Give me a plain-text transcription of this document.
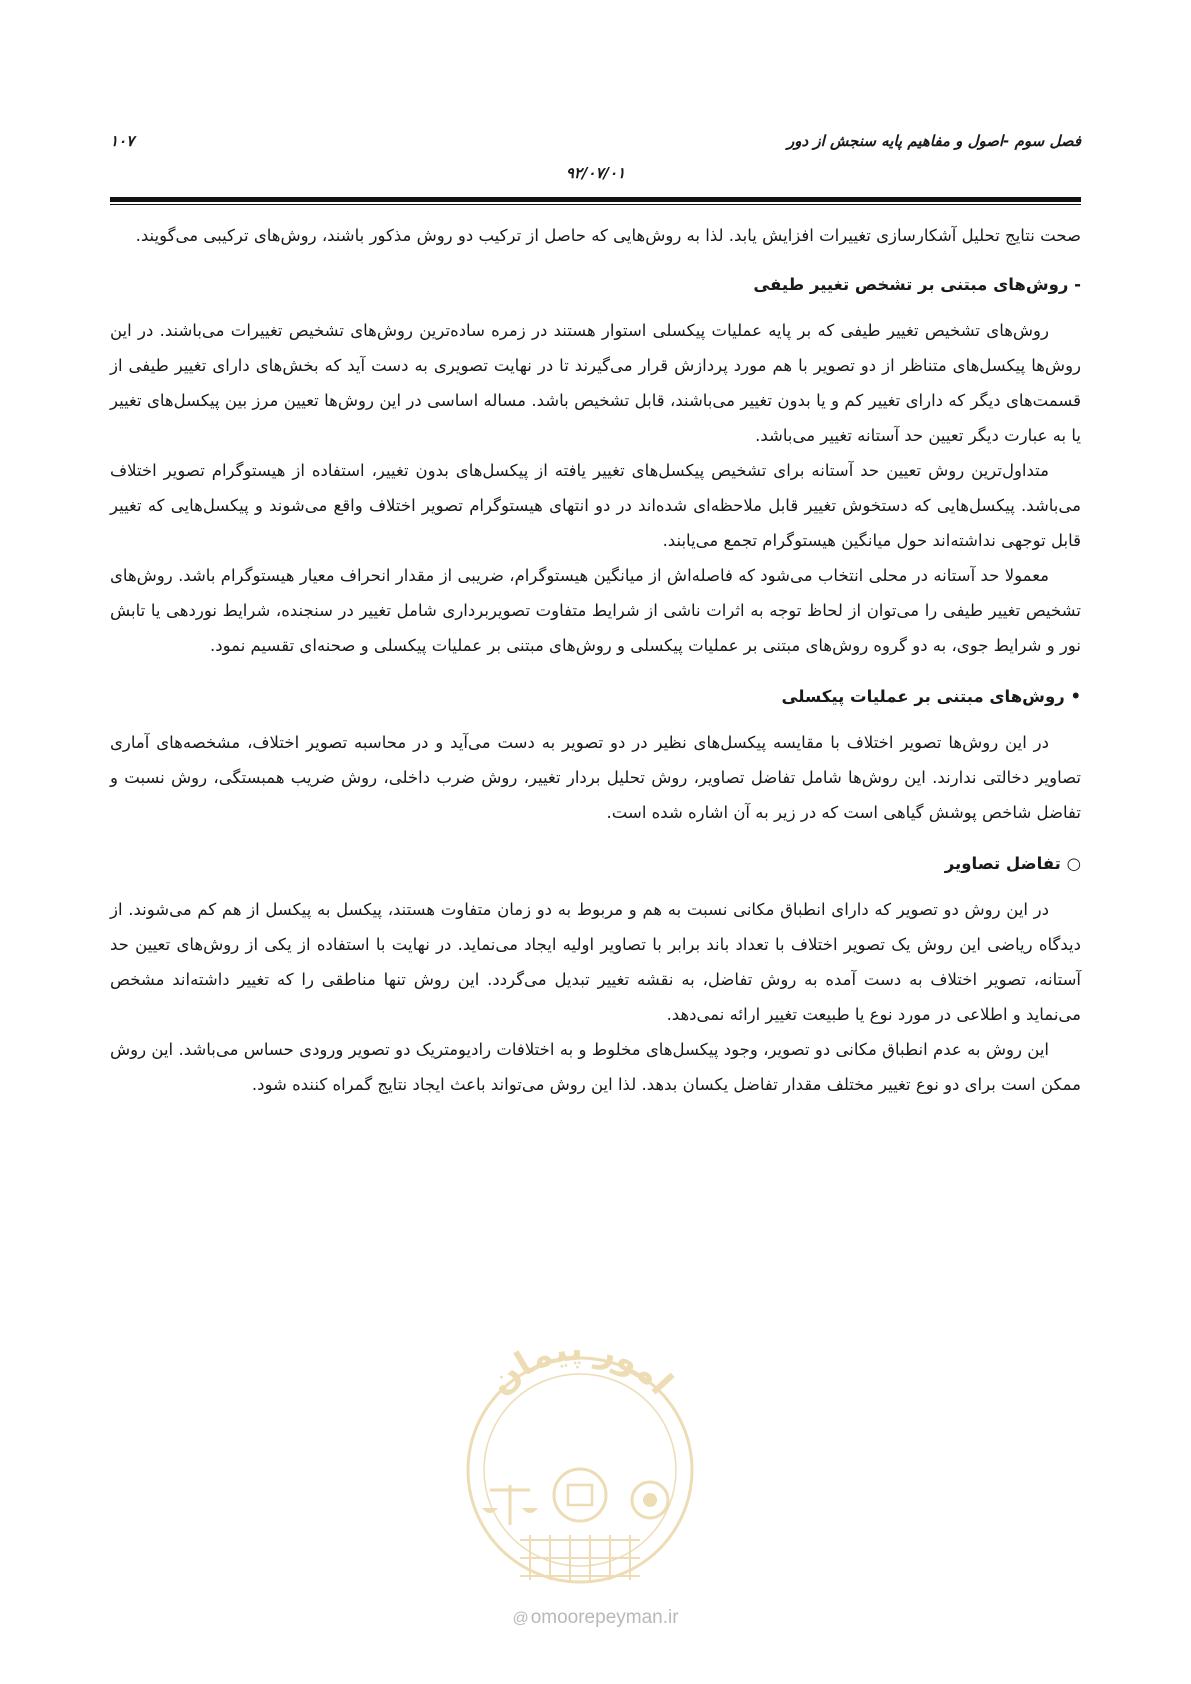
فصل سوم -اصول و مفاهیم پایه سنجش از دور
۱۰۷
۹۲/۰۷/۰۱

صحت نتایج تحلیل آشکارسازی تغییرات افزایش یابد. لذا به روش‌هایی که حاصل از ترکیب دو روش مذکور باشند، روش‌های ترکیبی می‌گویند.

- روش‌های مبتنی بر تشخص تغییر طیفی

روش‌های تشخیص تغییر طیفی که بر پایه عملیات پیکسلی استوار هستند در زمره ساده‌ترین روش‌های تشخیص تغییرات می‌باشند. در این روش‌ها پیکسل‌های متناظر از دو تصویر با هم مورد پردازش قرار می‌گیرند تا در نهایت تصویری به دست آید که بخش‌های دارای تغییر طیفی از قسمت‌های دیگر که دارای تغییر کم و یا بدون تغییر می‌باشند، قابل تشخیص باشد. مساله اساسی در این روش‌ها تعیین مرز بین پیکسل‌های تغییر یا به عبارت دیگر تعیین حد آستانه تغییر می‌باشد.

متداول‌ترین روش تعیین حد آستانه برای تشخیص پیکسل‌های تغییر یافته از پیکسل‌های بدون تغییر، استفاده از هیستوگرام تصویر اختلاف می‌باشد. پیکسل‌هایی که دستخوش تغییر قابل ملاحظه‌ای شده‌اند در دو انتهای هیستوگرام تصویر اختلاف واقع می‌شوند و پیکسل‌هایی که تغییر قابل توجهی نداشته‌اند حول میانگین هیستوگرام تجمع می‌یابند.

معمولا حد آستانه در محلی انتخاب می‌شود که فاصله‌اش از میانگین هیستوگرام، ضریبی از مقدار انحراف معیار هیستوگرام باشد. روش‌های تشخیص تغییر طیفی را می‌توان از لحاظ توجه به اثرات ناشی از شرایط متفاوت تصویربرداری شامل تغییر در سنجنده، شرایط نوردهی یا تابش نور و شرایط جوی، به دو گروه روش‌های مبتنی بر عملیات پیکسلی و روش‌های مبتنی بر عملیات پیکسلی و صحنه‌ای تقسیم نمود.

• روش‌های مبتنی بر عملیات پیکسلی

در این روش‌ها تصویر اختلاف با مقایسه پیکسل‌های نظیر در دو تصویر به دست می‌آید و در محاسبه تصویر اختلاف، مشخصه‌های آماری تصاویر دخالتی ندارند. این روش‌ها شامل تفاضل تصاویر، روش تحلیل بردار تغییر، روش ضرب داخلی، روش ضریب همبستگی، روش نسبت و تفاضل شاخص پوشش گیاهی است که در زیر به آن اشاره شده است.

○ تفاضل تصاویر

در این روش دو تصویر که دارای انطباق مکانی نسبت به هم و مربوط به دو زمان متفاوت هستند، پیکسل به پیکسل از هم کم می‌شوند. از دیدگاه ریاضی این روش یک تصویر اختلاف با تعداد باند برابر با تصاویر اولیه ایجاد می‌نماید. در نهایت با استفاده از یکی از روش‌های تعیین حد آستانه، تصویر اختلاف به دست آمده به روش تفاضل، به نقشه تغییر تبدیل می‌گردد. این روش تنها مناطقی را که تغییر داشته‌اند مشخص می‌نماید و اطلاعی در مورد نوع یا طبیعت تغییر ارائه نمی‌دهد.

این روش به عدم انطباق مکانی دو تصویر، وجود پیکسل‌های مخلوط و به اختلافات رادیومتریک دو تصویر ورودی حساس می‌باشد. این روش ممکن است برای دو نوع تغییر مختلف مقدار تفاضل یکسان بدهد. لذا این روش می‌تواند باعث ایجاد نتایج گمراه کننده شود.

امور پیمان
@ omoorepeyman.ir
